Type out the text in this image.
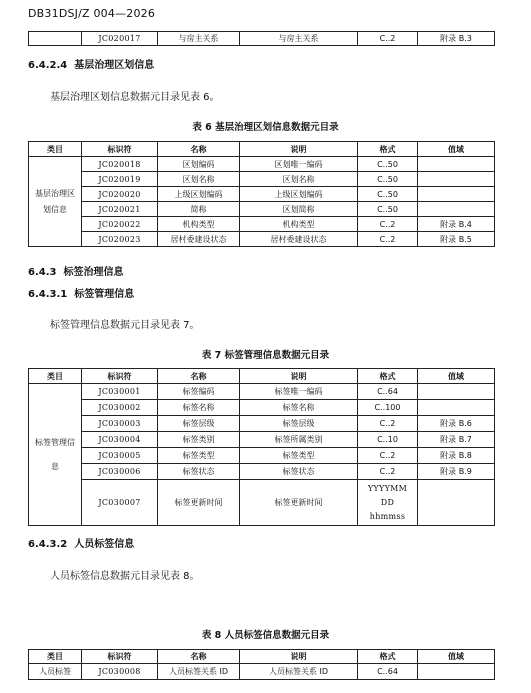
DB31DSJ/Z 004—2026
	JC020017	与房主关系	与房主关系	C..2	附录 B.3
6.4.2.4 基层治理区划信息
基层治理区划信息数据元目录见表 6。
表 6 基层治理区划信息数据元目录
类目	标识符	名称	说明	格式	值域
基层治理区划信息	JC020018	区划编码	区划唯一编码	C..50	
	JC020019	区划名称	区划名称	C..50	
	JC020020	上级区划编码	上级区划编码	C..50	
	JC020021	简称	区划简称	C..50	
	JC020022	机构类型	机构类型	C..2	附录 B.4
	JC020023	居村委建设状态	居村委建设状态	C..2	附录 B.5
6.4.3 标签治理信息
6.4.3.1 标签管理信息
标签管理信息数据元目录见表 7。
表 7 标签管理信息数据元目录
类目	标识符	名称	说明	格式	值域
标签管理信息	JC030001	标签编码	标签唯一编码	C..64	
	JC030002	标签名称	标签名称	C..100	
	JC030003	标签层级	标签层级	C..2	附录 B.6
	JC030004	标签类别	标签所属类别	C..10	附录 B.7
	JC030005	标签类型	标签类型	C..2	附录 B.8
	JC030006	标签状态	标签状态	C..2	附录 B.9
	JC030007	标签更新时间	标签更新时间	YYYYMM DD hhmmss	
6.4.3.2 人员标签信息
人员标签信息数据元目录见表 8。
表 8 人员标签信息数据元目录
类目	标识符	名称	说明	格式	值域
人员标签	JC030008	人员标签关系 ID	人员标签关系 ID	C..64	
